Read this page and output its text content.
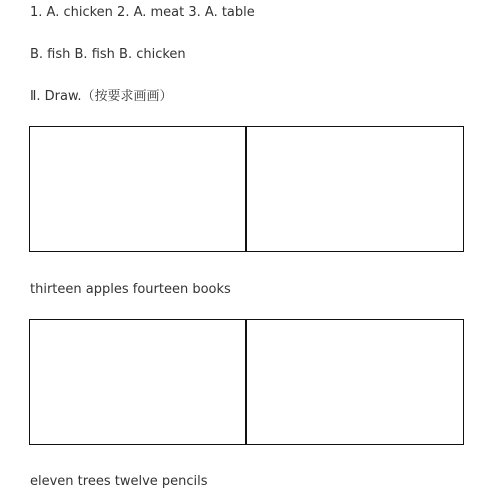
1. A. chicken 2. A. meat 3. A. table
B. fish B. fish B. chicken
Ⅱ. Draw.（按要求画画）
thirteen apples fourteen books
eleven trees twelve pencils
